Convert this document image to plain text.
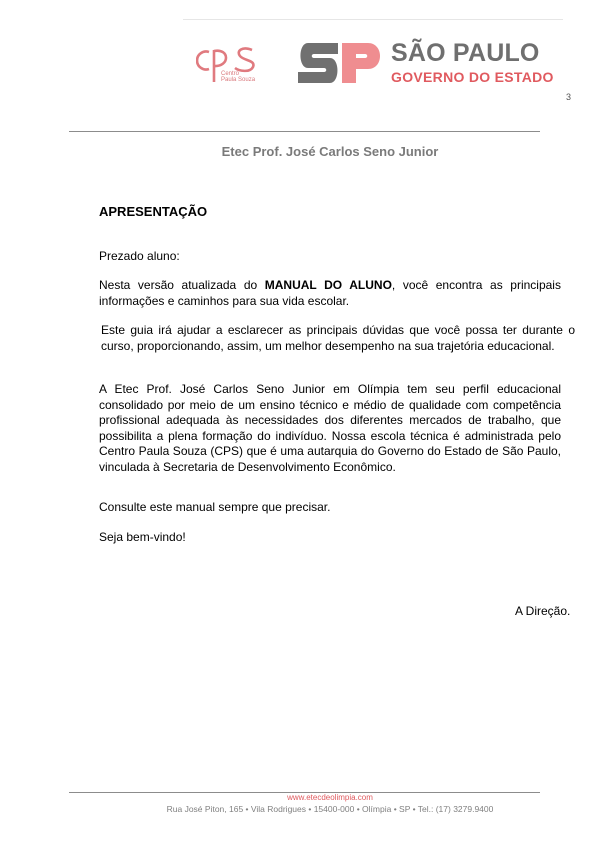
Centro
Paula Souza
SÃO PAULO
GOVERNO DO ESTADO
3
Etec Prof. José Carlos Seno Junior
APRESENTAÇÃO
Prezado aluno:
Nesta versão atualizada do MANUAL DO ALUNO, você encontra as principais informações e caminhos para sua vida escolar.
Este guia irá ajudar a esclarecer as principais dúvidas que você possa ter durante o curso, proporcionando, assim, um melhor desempenho na sua trajetória educacional.
A Etec Prof. José Carlos Seno Junior em Olímpia tem seu perfil educacional consolidado por meio de um ensino técnico e médio de qualidade com competência profissional adequada às necessidades dos diferentes mercados de trabalho, que possibilita a plena formação do indivíduo. Nossa escola técnica é administrada pelo Centro Paula Souza (CPS) que é uma autarquia do Governo do Estado de São Paulo, vinculada à Secretaria de Desenvolvimento Econômico.
Consulte este manual sempre que precisar.
Seja bem-vindo!
A Direção.
www.etecdeolimpia.com
Rua José Piton, 165 • Vila Rodrigues • 15400-000 • Olímpia • SP • Tel.: (17) 3279.9400
